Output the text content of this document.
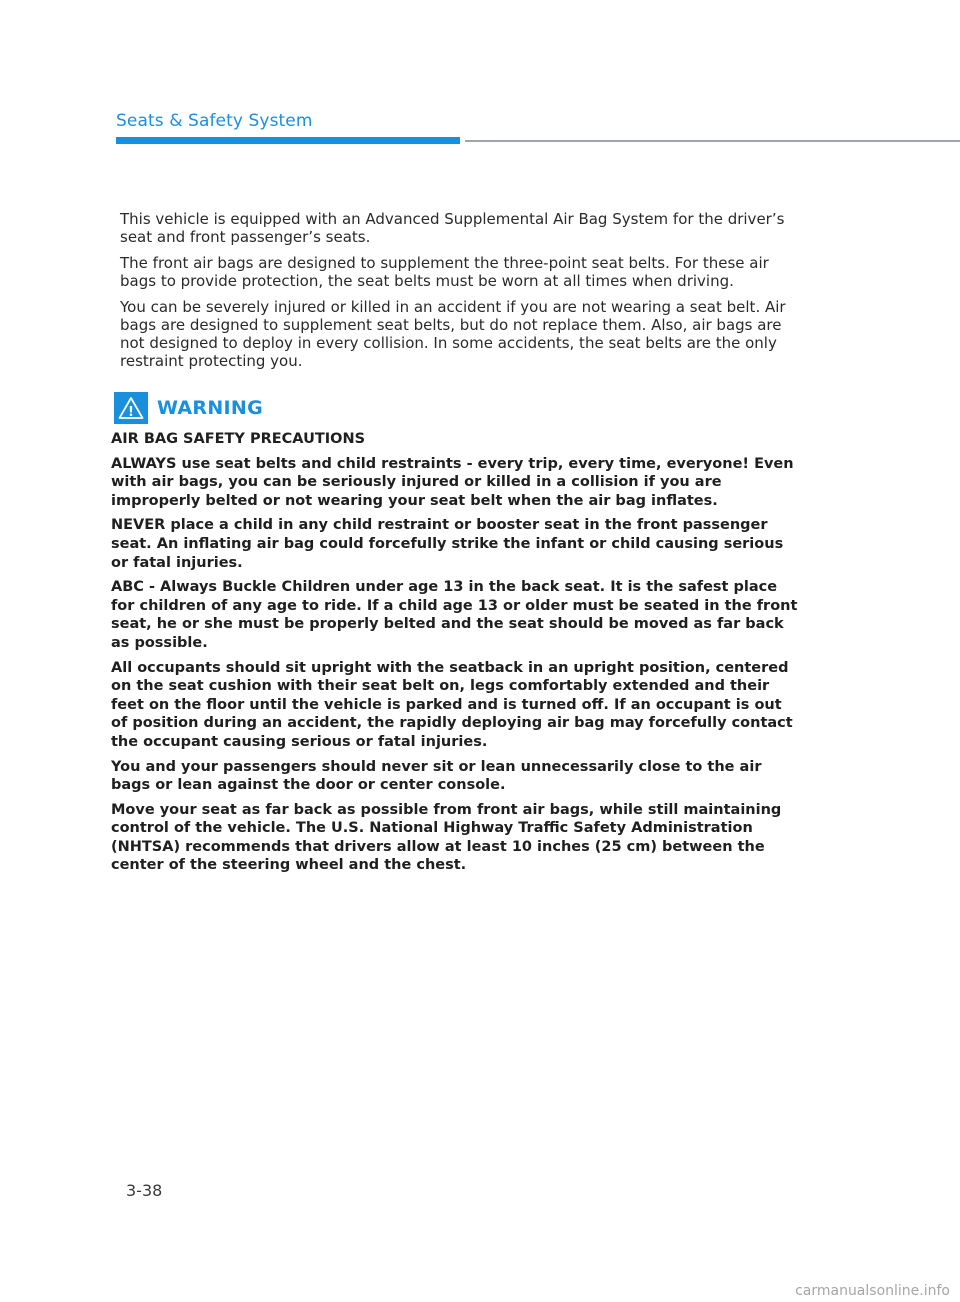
Seats & Safety System

This vehicle is equipped with an Advanced Supplemental Air Bag System for the driver’s seat and front passenger’s seats.

The front air bags are designed to supplement the three-point seat belts. For these air bags to provide protection, the seat belts must be worn at all times when driving.

You can be severely injured or killed in an accident if you are not wearing a seat belt. Air bags are designed to supplement seat belts, but do not replace them. Also, air bags are not designed to deploy in every collision. In some accidents, the seat belts are the only restraint protecting you.

! WARNING

AIR BAG SAFETY PRECAUTIONS

ALWAYS use seat belts and child restraints - every trip, every time, everyone! Even with air bags, you can be seriously injured or killed in a collision if you are improperly belted or not wearing your seat belt when the air bag inflates.

NEVER place a child in any child restraint or booster seat in the front passenger seat. An inflating air bag could forcefully strike the infant or child causing serious or fatal injuries.

ABC - Always Buckle Children under age 13 in the back seat. It is the safest place for children of any age to ride. If a child age 13 or older must be seated in the front seat, he or she must be properly belted and the seat should be moved as far back as possible.

All occupants should sit upright with the seatback in an upright position, centered on the seat cushion with their seat belt on, legs comfortably extended and their feet on the floor until the vehicle is parked and is turned off. If an occupant is out of position during an accident, the rapidly deploying air bag may forcefully contact the occupant causing serious or fatal injuries.

You and your passengers should never sit or lean unnecessarily close to the air bags or lean against the door or center console.

Move your seat as far back as possible from front air bags, while still maintaining control of the vehicle. The U.S. National Highway Traffic Safety Administration (NHTSA) recommends that drivers allow at least 10 inches (25 cm) between the center of the steering wheel and the chest.

3-38
carmanualsonline.info
